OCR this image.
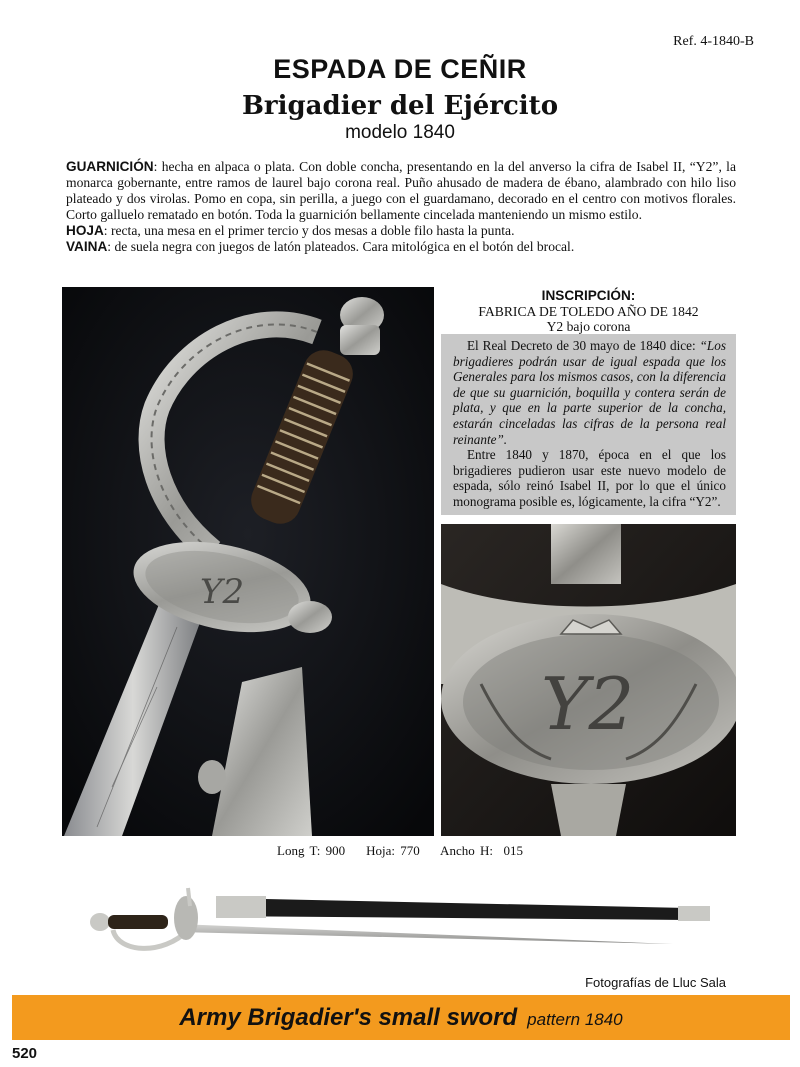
Ref. 4-1840-B
ESPADA DE CEÑIR
Brigadier del Ejército
modelo 1840

GUARNICIÓN: hecha en alpaca o plata. Con doble concha, presentando en la del anverso la cifra de Isabel II, “Y2”, la monarca gobernante, entre ramos de laurel bajo corona real. Puño ahusado de madera de ébano, alambrado con hilo liso plateado y dos virolas. Pomo en copa, sin perilla, a juego con el guardamano, decorado en el centro con motivos florales. Corto galluelo rematado en botón. Toda la guarnición bellamente cincelada manteniendo un mismo estilo.

HOJA: recta, una mesa en el primer tercio y dos mesas a doble filo hasta la punta.

VAINA: de suela negra con juegos de latón plateados. Cara mitológica en el botón del brocal.

Y2
INSCRIPCIÓN:
FABRICA DE TOLEDO AÑO DE 1842
Y2 bajo corona

El Real Decreto de 30 mayo de 1840 dice: “Los brigadieres podrán usar de igual espada que los Generales para los mismos casos, con la diferencia de que su guarnición, boquilla y contera serán de plata, y que en la parte superior de la concha, estarán cinceladas las cifras de la persona real reinante”.

Entre 1840 y 1870, época en el que los brigadieres pudieron usar este nuevo modelo de espada, sólo reinó Isabel II, por lo que el único monograma posible es, lógicamente, la cifra “Y2”.

Y2
Long T: 900    Hoja: 770    Ancho H:  015
Fotografías de Lluc Sala
Army Brigadier's small sword pattern 1840
520
